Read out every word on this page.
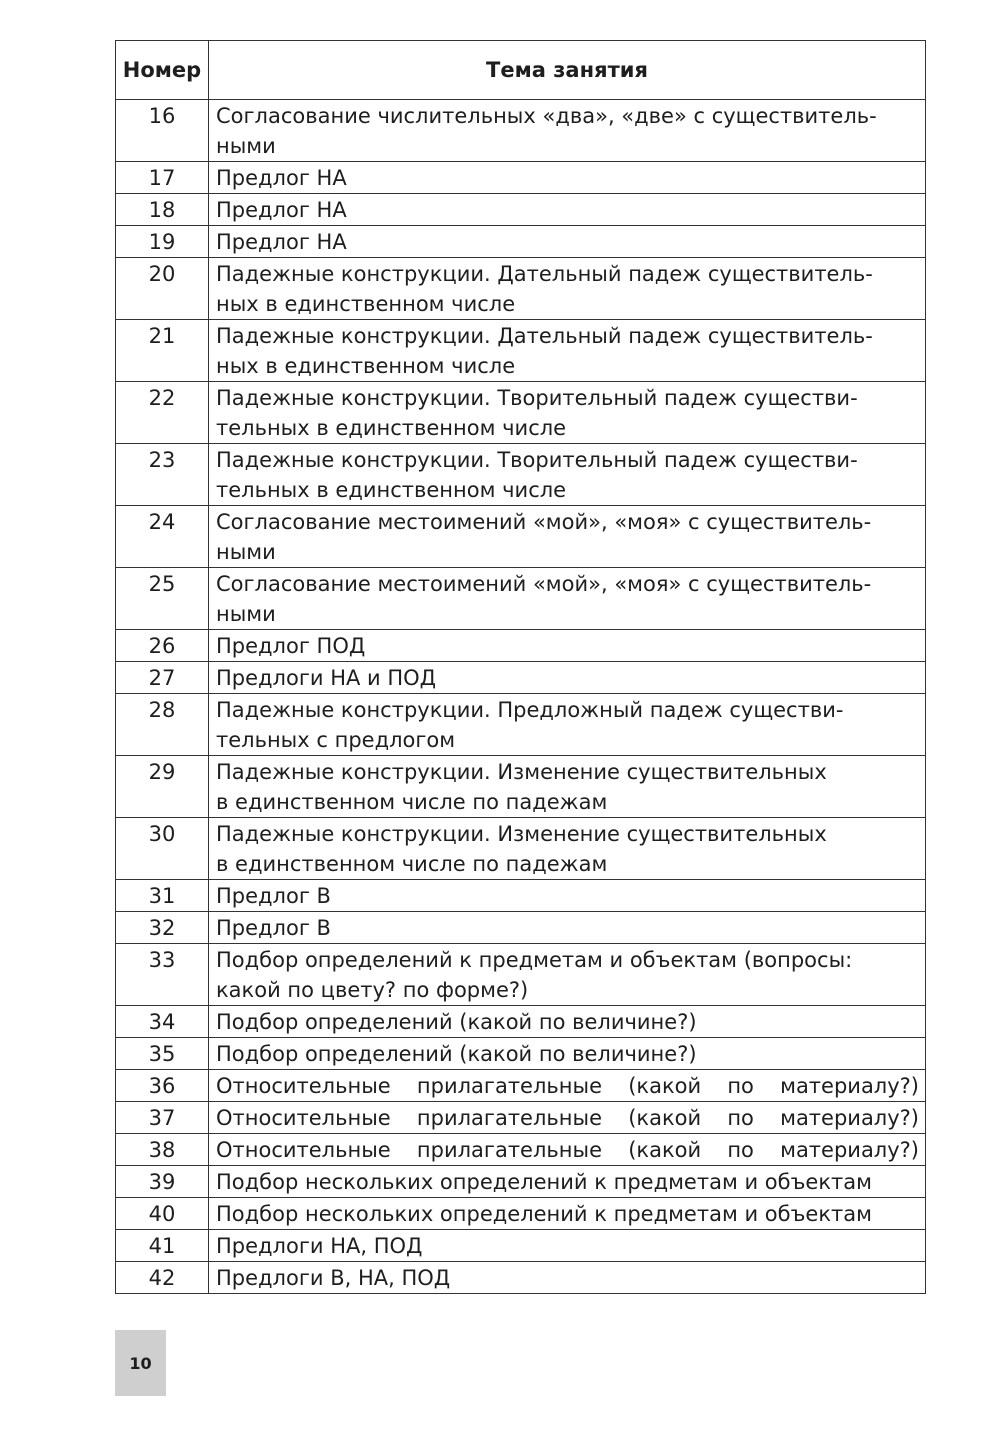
Номер	Тема занятия
16	Согласование числительных «два», «две» с существитель-
ными
17	Предлог НА
18	Предлог НА
19	Предлог НА
20	Падежные конструкции. Дательный падеж существитель-
ных в единственном числе
21	Падежные конструкции. Дательный падеж существитель-
ных в единственном числе
22	Падежные конструкции. Творительный падеж существи-
тельных в единственном числе
23	Падежные конструкции. Творительный падеж существи-
тельных в единственном числе
24	Согласование местоимений «мой», «моя» с существитель-
ными
25	Согласование местоимений «мой», «моя» с существитель-
ными
26	Предлог ПОД
27	Предлоги НА и ПОД
28	Падежные конструкции. Предложный падеж существи-
тельных с предлогом
29	Падежные конструкции. Изменение существительных
в единственном числе по падежам
30	Падежные конструкции. Изменение существительных
в единственном числе по падежам
31	Предлог В
32	Предлог В
33	Подбор определений к предметам и объектам (вопросы:
какой по цвету? по форме?)
34	Подбор определений (какой по величине?)
35	Подбор определений (какой по величине?)
36	Относительные прилагательные (какой по материалу?)
37	Относительные прилагательные (какой по материалу?)
38	Относительные прилагательные (какой по материалу?)
39	Подбор нескольких определений к предметам и объектам
40	Подбор нескольких определений к предметам и объектам
41	Предлоги НА, ПОД
42	Предлоги В, НА, ПОД
10
